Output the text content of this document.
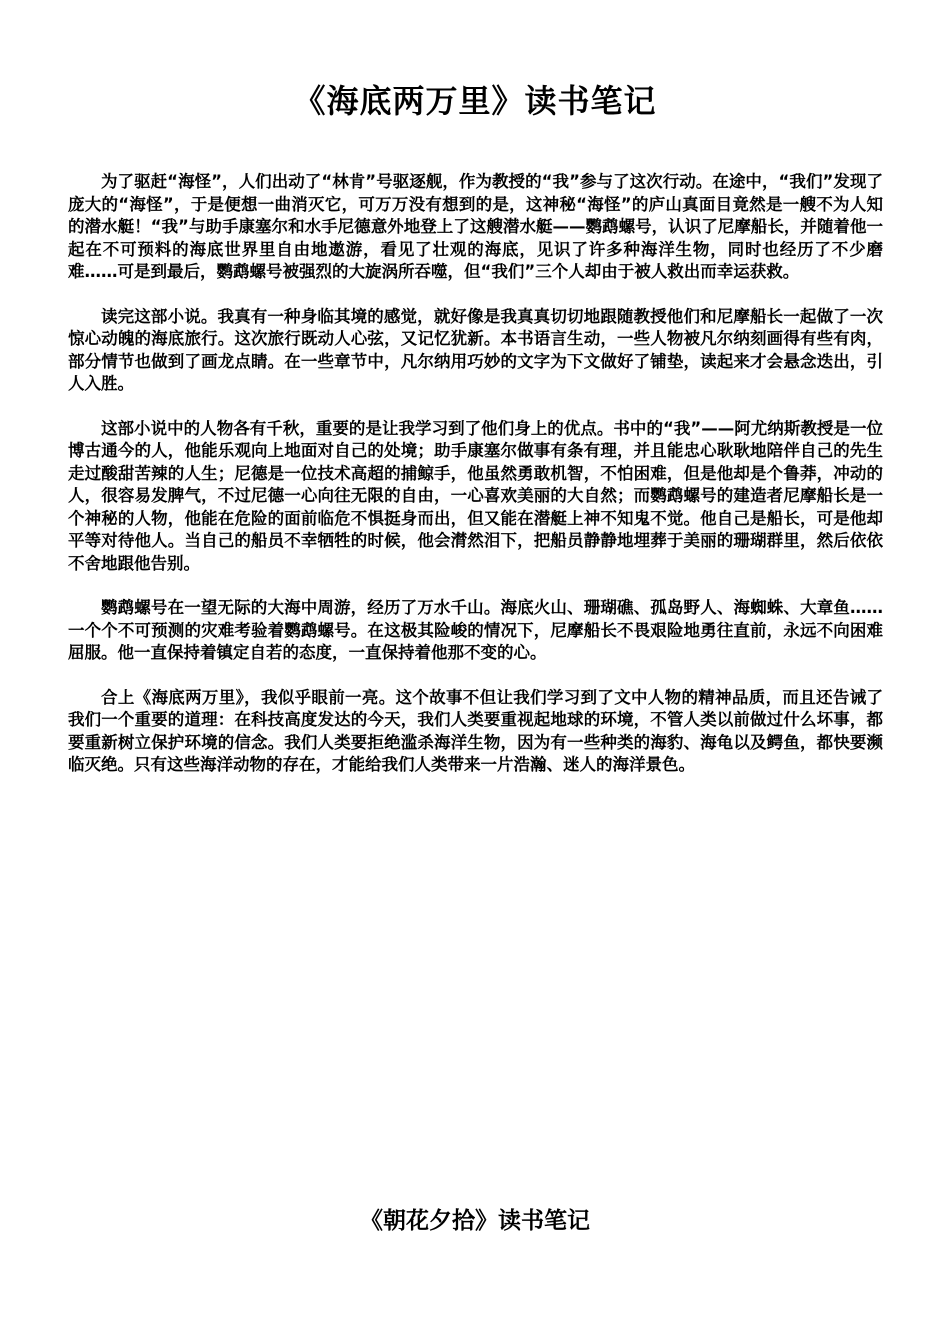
《海底两万里》读书笔记

为了驱赶“海怪”，人们出动了“林肯”号驱逐舰，作为教授的“我”参与了这次行动。在途中，“我们”发现了庞大的“海怪”，于是便想一曲消灭它，可万万没有想到的是，这神秘“海怪”的庐山真面目竟然是一艘不为人知的潜水艇！“我”与助手康塞尔和水手尼德意外地登上了这艘潜水艇——鹦鹉螺号，认识了尼摩船长，并随着他一起在不可预料的海底世界里自由地遨游，看见了壮观的海底，见识了许多种海洋生物，同时也经历了不少磨难……可是到最后，鹦鹉螺号被强烈的大旋涡所吞噬，但“我们”三个人却由于被人救出而幸运获救。

读完这部小说。我真有一种身临其境的感觉，就好像是我真真切切地跟随教授他们和尼摩船长一起做了一次惊心动魄的海底旅行。这次旅行既动人心弦，又记忆犹新。本书语言生动，一些人物被凡尔纳刻画得有些有肉，部分情节也做到了画龙点睛。在一些章节中，凡尔纳用巧妙的文字为下文做好了铺垫，读起来才会悬念迭出，引人入胜。

这部小说中的人物各有千秋，重要的是让我学习到了他们身上的优点。书中的“我”——阿尤纳斯教授是一位博古通今的人，他能乐观向上地面对自己的处境；助手康塞尔做事有条有理，并且能忠心耿耿地陪伴自己的先生走过酸甜苦辣的人生；尼德是一位技术高超的捕鲸手，他虽然勇敢机智，不怕困难，但是他却是个鲁莽，冲动的人，很容易发脾气，不过尼德一心向往无限的自由，一心喜欢美丽的大自然；而鹦鹉螺号的建造者尼摩船长是一个神秘的人物，他能在危险的面前临危不惧挺身而出，但又能在潜艇上神不知鬼不觉。他自己是船长，可是他却平等对待他人。当自己的船员不幸牺牲的时候，他会潸然泪下，把船员静静地埋葬于美丽的珊瑚群里，然后依依不舍地跟他告别。

鹦鹉螺号在一望无际的大海中周游，经历了万水千山。海底火山、珊瑚礁、孤岛野人、海蜘蛛、大章鱼……一个个不可预测的灾难考验着鹦鹉螺号。在这极其险峻的情况下，尼摩船长不畏艰险地勇往直前，永远不向困难屈服。他一直保持着镇定自若的态度，一直保持着他那不变的心。

合上《海底两万里》，我似乎眼前一亮。这个故事不但让我们学习到了文中人物的精神品质，而且还告诫了我们一个重要的道理：在科技高度发达的今天，我们人类要重视起地球的环境，不管人类以前做过什么坏事，都要重新树立保护环境的信念。我们人类要拒绝滥杀海洋生物，因为有一些种类的海豹、海龟以及鳄鱼，都快要濒临灭绝。只有这些海洋动物的存在，才能给我们人类带来一片浩瀚、迷人的海洋景色。

《朝花夕拾》读书笔记
